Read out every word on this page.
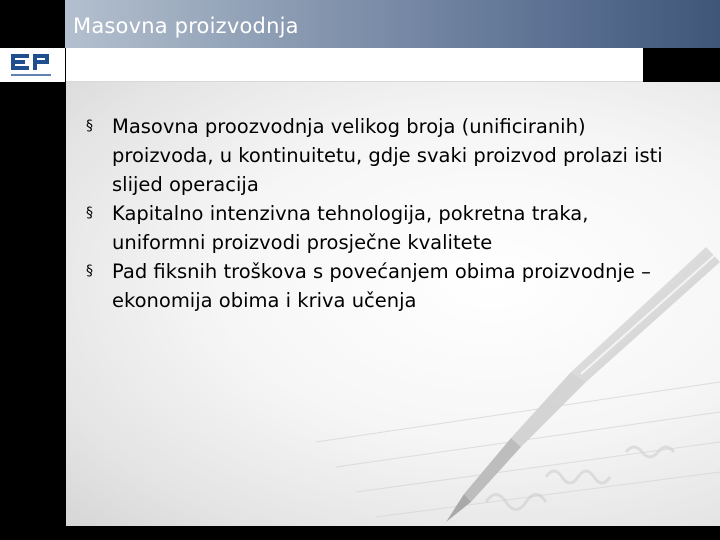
Masovna proizvodnja
§ Masovna proozvodnja velikog broja (unificiranih) proizvoda, u kontinuitetu, gdje svaki proizvod prolazi isti slijed operacija
§ Kapitalno intenzivna tehnologija, pokretna traka, uniformni proizvodi prosječne kvalitete
§ Pad fiksnih troškova s povećanjem obima proizvodnje – ekonomija obima i kriva učenja
